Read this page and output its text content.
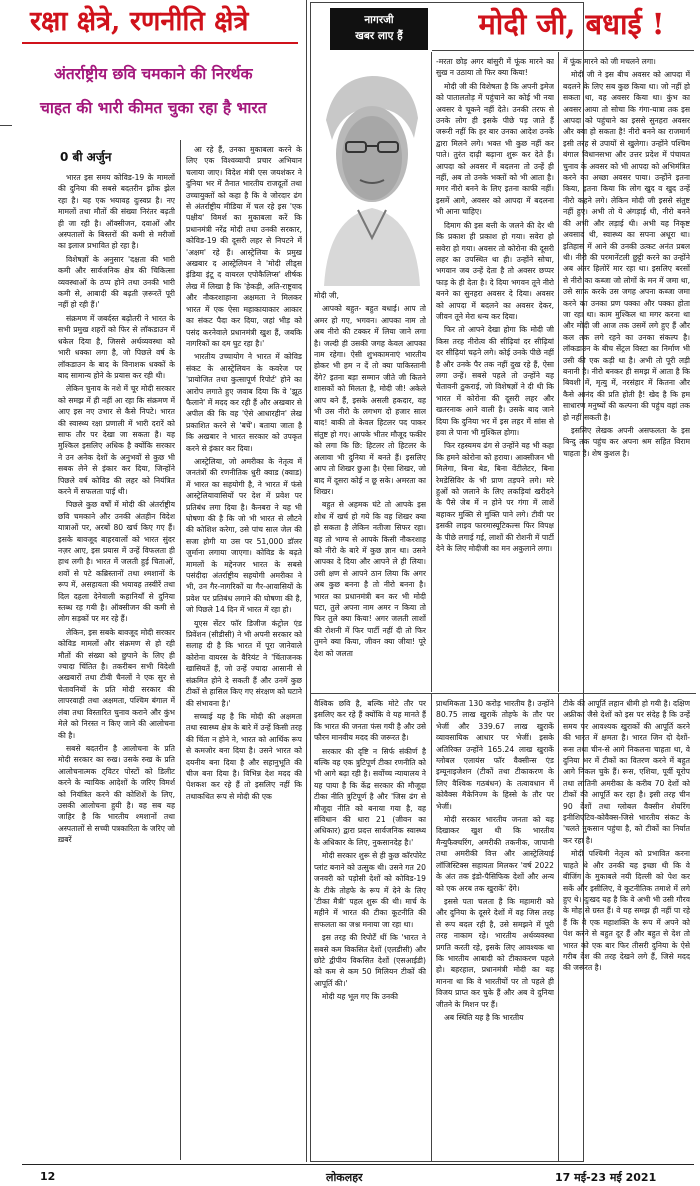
रक्षा क्षेत्रे, रणनीति क्षेत्रे
अंतर्राष्ट्रीय छवि चमकाने की निरर्थक
चाहत की भारी कीमत चुका रहा है भारत
0 बी अर्जुन

भारत इस समय कोविड-19 के मामलों की दुनिया की सबसे बदतरीन झोंक झेल रहा है। यह एक भयावह दुःस्वप्न है। नए मामलों तथा मौतों की संख्या निरंतर बढ़ती ही जा रही है। ऑक्सीजन, दवाओं और अस्पतालों के बिस्तरों की कमी से मरीजों का इलाज प्रभावित हो रहा है।

विशेषज्ञों के अनुसार 'दक्षता की भारी कमी और सार्वजनिक क्षेत्र की चिकित्सा व्यवस्थाओं के ठप्प होने तथा उनकी भारी कमी से, आबादी की बढ़ती ज़रूरतें पूरी नहीं हो रही हैं।'

संक्रमण में जबर्दस्त बढ़ोतरी ने भारत के सभी प्रमुख शहरों को फिर से लॉकडाउन में धकेल दिया है, जिससे अर्थव्यवस्था को भारी धक्का लगा है, जो पिछले वर्ष के लॉकडाउन के बाद के विनाशक धक्कों के बाद सामान्य होने के प्रयास कर रही थी।

लेकिन चुनाव के नशे में चूर मोदी सरकार को समझ में ही नहीं आ रहा कि संक्रमण में आए इस नए उभार से कैसे निपटे। भारत की स्वास्थ्य रक्षा प्रणाली में भारी दरारें को साफ तौर पर देखा जा सकता है। यह मुश्किल इसलिए अधिक है क्योंकि सरकार ने उन अनेक देशों के अनुभवों से कुछ भी सबक लेने से इंकार कर दिया, जिन्होंने पिछले वर्ष कोविड की लहर को नियंत्रित करने में सफलता पाई थी।

पिछले कुछ वर्षों में मोदी की अंतर्राष्ट्रीय छवि चमकाने और उनकी अंतहीन विदेश यात्राओं पर, अरबों 80 खर्च किए गए हैं। इसके बावजूद बाहरवालों को भारत सुंदर नज़र आए, इस प्रयास में उन्हें विफलता ही हाथ लगी है। भारत में जलती हुई चिताओं, शवों से पटे कब्रिस्तानों तथा श्मशानों के रूप में, असहायता की भयावह तस्वीरें तथा दिल दहला देनेवाली कहानियाँ से दुनिया स्तब्ध रह गयी है। ऑक्सीजन की कमी से लोग सड़कों पर मर रहे हैं।

लेकिन, इस सबके बावजूद मोदी सरकार कोविड मामलों और संक्रमण से हो रही मौतों की संख्या को छुपाने के लिए ही ज्यादा चिंतित है। तकरीबन सभी विदेशी अखबारों तथा टीवी चैनलों ने एक सुर से चेतावनियों के प्रति मोदी सरकार की लापरवाही तथा अक्षमता, पश्चिम बंगाल में लंबा तथा विस्तारित चुनाव कराने और कुंभ मेले को निरस्त न किए जाने की आलोचना की है।

सबसे बदतरीन है आलोचना के प्रति मोदी सरकार का रुख। उसके रुख के प्रति आलोचनात्मक ट्विटर पोस्टों को डिलीट करने के न्यायिक आदेशों के जरिए विमर्श को नियंत्रित करने की कोशिशें के लिए, उसकी आलोचना हुयी है। वह सब यह जाहिर है कि भारतीय श्मशानों तथा अस्पतालों से सच्ची पत्रकारिता के जरिए जो ख़बरें

आ रहे हैं, उनका मुकाबला करने के लिए एक विश्वव्यापी प्रचार अभियान चलाया जाए। विदेश मंत्री एस जयशंकर ने दुनिया भर में तैनात भारतीय राजदूतों तथा उच्चायुक्तों को कहा है कि वे जोरदार ढंग से अंतर्राष्ट्रीय मीडिया में चल रहे इस 'एक पक्षीय' विमर्श का मुकाबला करें कि प्रधानमंत्री नरेंद्र मोदी तथा उनकी सरकार, कोविड-19 की दूसरी लहर से निपटने में 'अक्षम' रहे हैं। आस्ट्रेलिया के प्रमुख अखबार द आस्ट्रेलियन ने 'मोदी लीड्स इंडिया इंटू द वायरल एपोकैलिप्स' शीर्षक लेख में लिखा है कि 'हेकड़ी, अति-राष्ट्रवाद और नौकरशाहाना अक्षमता ने मिलकर भारत में एक ऐसा महाकायाकार आकार का संकट पैदा कर दिया, जहां भीड़ को पसंद करनेवाले प्रधानमंत्री खुश हैं, जबकि नागरिकों का दम घुट रहा है।'

भारतीय उच्चायोग ने भारत में कोविड संकट के आस्ट्रेलियन के कवरेज पर 'प्रायोजित तथा कुत्सापूर्ण रिपोर्ट' होने का आरोप लगाते हुए जवाब दिया कि वे 'झूठ फैलाने' में मदद कर रही हैं और अखबार से अपील की कि वह 'ऐसे आधारहीन' लेख प्रकाशित करने से 'बचें'। बताया जाता है कि अखबार ने भारत सरकार को उपकृत करने से इंकार कर दिया।

आस्ट्रेलिया, जो अमरीका के नेतृत्व में जनतंत्रों की रणनीतिक धुरी क्वाड (क्वाड) में भारत का सहयोगी है, ने भारत में फंसे आस्ट्रेलियावासियों पर देश में प्रवेश पर प्रतिबंध लगा दिया है। कैनबरा ने यह भी घोषणा की है कि जो भी भारत से लौटने की कोशिश करेगा, उसे पांच साल जेल की सजा होगी या उस पर 51,000 डॉलर जुर्माना लगाया जाएगा। कोविड के बढ़ते मामलों के मद्देनजर भारत के सबसे पसंदीदा अंतर्राष्ट्रीय सहयोगी अमरीका ने भी, उन गैर-नागरिकों या गैर-आवासियों के प्रवेश पर प्रतिबंध लगाने की घोषणा की है, जो पिछले 14 दिन में भारत में रहा हो।

यूएस सेंटर फॉर डिजीज कंट्रोल एंड प्रिवेंशन (सीडीसी) ने भी अपनी सरकार को सलाह दी है कि भारत में पूरा जानेवाले कोरोना वायरस के वैरियंट ने 'चिंताजनक खासियतें हैं, जो उन्हें ज्यादा आसानी से संक्रमित होने दे सकती हैं और उनमें कुछ टीकों से हासिल किए गए संरक्षण को घटाने की संभावना है।'

सच्चाई यह है कि मोदी की अक्षमता तथा स्वास्थ्य क्षेत्र के बारे में उन्हें किसी तरह की चिंता न होने ने, भारत को आर्थिक रूप से कमजोर बना दिया है। उसने भारत को दयनीय बना दिया है और सहानुभूति की चीज बना दिया है। विभिन्न देश मदद की पेशकश कर रहे हैं तो इसलिए नहीं कि तथाकथित रूप से मोदी की एक

नागरजी
खबर लाए हैं	मोदी जी, बधाई !

मोदी जी,

आपको बहुत- बहुत बधाई। आप तो अमर हो गए, भगवन। आपका नाम तो अब नीरो की टक्कर में लिया जाने लगा है। जल्दी ही उसकी जगह केवल आपका नाम रहेगा। ऐसी शुभकामनाएं भारतीय होकर भी हम न दें तो क्या पाकिस्तानी देंगे? इतना बड़ा सम्मान जीते जी कितने शासकों को मिलता है, मोदी जी! अकेले आप बने हैं, इसके असली हकदार, वह भी उस नीरो के लगभग दो हजार साल बाद! बाकी तो केवल हिटलर पद पाकर संतुष्ट हो गए। आपके भीतर मौजूद फकीर को लगा कि छि: हिटलर तो हिटलर के अलावा भी दुनिया में बनते हैं। इसलिए आप तो शिखर छुआ है। ऐसा शिखर, जो बाद में दूसरा कोई न छू सके। अमरता का शिखर।

बहुत से अहमक घंटे तो आपके इस शोध में खर्च हो गये कि वह शिखर क्या हो सकता है लेकिन नतीजा सिफर रहा। वह तो भाग्य से आपके किसी नौकरशाह को नीरो के बारे में कुछ ज्ञान था। उसने आपका दे दिया और आपने ले ही लिया। उसी क्षण से आपने ठान लिया कि अगर अब कुछ बनना है तो नीरो बनना है। भारत का प्रधानमंत्री बन कर भी मोदी घटा, तुले अपना नाम अमर न किया तो फिर तुले क्या किया! अगर जलती लाशों की रोशनी में फिर पार्टी नहीं दी तो फिर तुमने क्या किया, जीवन क्या जीया! पूरे देश को जलता

-मरता छोड़ अगर बांसुरी में फूंक मारने का सुख न उठाया तो फिर क्या किया!

मोदी जी की विशेषता है कि अपनी इमेज को पातालतोड़ में पहुंचाने का कोई भी नया अवसर वे चूकने नहीं देते। उनकी तरफ से उनके लोग ही इसके पीछे पड़ जाते हैं जरूरी नहीं कि हर बार उनका आदेश उनके द्वारा मिलने लगे। भक्त भी कुछ नहीं कर पाते। तुरंत दाढ़ी बढ़ाना शुरू कर देते हैं। आपदा को अवसर में बदलना तो उन्हें ही नहीं, अब तो उनके भक्तों को भी आता है। मगर नीरो बनने के लिए इतना काफी नहीं। इसमें आगे, अवसर को आपदा में बदलना भी आना चाहिए।

दिमाग की इस बत्ती के जलने की देर थी कि प्रकाश ही प्रकाश हो गया। सवेरा हो सवेरा हो गया। अवसर तो कोरोना की दूसरी लहर का उपस्थित था ही। उन्होंने सोचा, भगवान जब उन्हें देता है तो अवसर छप्पर फाड़ के ही देता है। दे दिया भगवन तूने नीरो बनने का सुनहरा अवसर दे दिया। अवसर को आपदा में बदलने का अवसर देकर, जीवन तूने मेरा धन्य कर दिया।

फिर तो आपने देखा होगा कि मोदी जी किस तरह नीरोत्व की सीढ़ियां दर सीढ़ियां दर सीढ़ियां चढ़ने लगे। कोई उनके पीछे नहीं है और उनके पैर तक नहीं दुख रहे हैं, ऐसा लगा उन्हें। सबसे पहले तो उन्होंने यह चेतावनी ठुकराई, जो विशेषज्ञों ने दी थी कि भारत में कोरोना की दूसरी लहर और खतरनाक आने वाली है। उसके बाद जाने दिया कि दुनिया भर में इस लहर में सांस से हवा ले पाना भी मुश्किल होगा।

फिर रहस्यमय ढंग से उन्होंने यह भी कहा कि हमने कोरोना को हराया। आक्सीजन भी मिलेगा, बिना बेड, बिना वेंटीलेटर, बिना रेमडेसिविर के भी प्राण तड़पने लगे। मरे हुओं को जलाने के लिए लकड़ियां खरीदने के पैसे जेब में न होने पर गंगा में लाशें बहाकर मुक्ति से मुक्ति पाने लगे। टीवी पर इसकी लाइव फारमास्यूटिकल्स फिर विपक्ष के पीछे लगाई गई, लाशों की रोशनी में पार्टी देने के लिए मोदीजी का मन अकुलाने लगा।

में फूंक मारने को जी मचलने लगा।

मोदी जी ने इस बीच अवसर को आपदा में बदलने के लिए सब कुछ किया था। जो नहीं हो सकता था, वह अवसर किया था। कुंभ का अवसर आया तो सोचा कि गंगा-यात्रा तक इस आपदा को पहुंचाने का इससे सुनहरा अवसर और क्या हो सकता है! नीरो बनने का राजमार्ग इसी तरह से उपायों से खुलेगा। उन्होंने पश्चिम बंगाल विधानसभा और उत्तर प्रदेश में पंचायत चुनाव के अवसर को भी आपदा को अभिमंत्रित करने का अच्छा अवसर पाया। उन्होंने इतना किया, इतना किया कि लोग खुद व खुद उन्हें नीरो कहने लगे। लेकिन मोदी जी इससे संतुष्ट नहीं हुए। अभी तो ये अंगड़ाई थी, नीरो बनने की अभी और लड़ाई थी। अभी यह निकृष्ट अवसाद थी, स्वास्थ्य का सपना अधूरा था। इतिहास में आने की उनकी उत्कट अनंत प्रबल थी। नीरो की परमानेंटली छुट्टी करने का उन्होंने अब अंतर हिलोरें मार रहा था। इसलिए बरसों से नीरो का कब्जा जो लोगों के मन में जमा था, उसे साफ करके उस जगह अपना कब्जा जमा करने का उनका प्रण पक्का और पक्का होता जा रहा था। काम मुश्किल था मगर करना था और मोदी जी आज तक उसमें लगे हुए हैं और कल तक लगे रहने का उनका संकल्प है। लॉकडाउन के बीच सेंट्रल विस्टा का निर्माण भी उसी की एक कड़ी था है। अभी तो पूरी लड़ी बनानी है। नीरो बनकर ही समझ में आता है कि बिवशी में, मृत्यु में, नरसंहार में कितना और कैसे आनंद की प्रति होती है! खेद है कि हम साधारण मनुष्यों की कल्पना की पहुंच वहां तक हो नहीं सकती है।

इसलिए लेखक अपनी असफलता के इस बिन्दु तक पहुंच कर अपना श्रम सहित विराम चाहता है। शेष कुशल है।

वैश्विक छवि है, बल्कि मोटे तौर पर इसलिए कर रहे हैं क्योंकि वे यह मानते हैं कि भारत की जनता फंस गयी है और उसे फौरन मानवीय मदद की जरूरत है।

सरकार की दृष्टि न सिर्फ संकीर्ण है बल्कि वह एक त्रुटिपूर्ण टीका रणनीति को भी आगे बढ़ा रही है। सर्वोच्च न्यायालय ने यह पाया है कि केंद्र सरकार की मौजूदा टीका नीति त्रुटिपूर्ण है और 'जिस ढंग से मौजूदा नीति को बनाया गया है, वह संविधान की धारा 21 (जीवन का अधिकार) द्वारा प्रदत्त सार्वजनिक स्वास्थ्य के अधिकार के लिए, नुकसानदेह है।'

मोदी सरकार शुरू से ही कुछ कॉरपोरेट प्लांट बनाने को उत्सुक थी। उसने गत 20 जनवरी को पड़ोसी देशों को कोविड-19 के टीके तोहफे के रूप में देने के लिए 'टीका मैत्री' पहल शुरू की थी। मार्च के महीने में भारत की टीका कूटनीति की सफलता का जश्न मनाया जा रहा था।

इस तरह की रिपोर्टें थीं कि 'भारत ने सबसे कम विकसित देशों (एलडीसी) और छोटे द्वीपीय विकसित देशों (एसआईडी) को कम से कम 50 मिलियन टीकों की आपूर्ति की।'

मोदी यह भूल गए कि उनकी

प्राथमिकता 130 करोड़ भारतीय है। उन्होंने 80.75 लाख खुराकें तोहफे के तौर पर भेजीं और 339.67 लाख खुराकें व्यावसायिक आधार पर भेजीं। इसके अतिरिक्त उन्होंने 165.24 लाख खुराकें ग्लोबल एलायंस फॉर वैक्सीन्स एंड इम्यूनाइजेशन (टीकों तथा टीकाकरण के लिए वैश्विक गठबंधन) के तत्वावधान में कोवैक्स मैकेनिज्म के हिस्से के तौर पर भेजीं।

मोदी सरकार भारतीय जनता को यह दिखाकर खुश थी कि भारतीय मैन्युफैक्चरिंग, अमरीकी तकनीक, जापानी तथा अमरीकी वित्त और आस्ट्रेलियाई लॉजिस्टिक्स सहायता मिलकर 'वर्ष 2022 के अंत तक इंडो-पैसिफिक देशों और अन्य को एक अरब तक खुराकें' देंगे।

इससे पता चलता है कि महामारी को और दुनिया के दूसरे देशों में वह जिस तरह से रूप बदल रही है, उसे समझने में पूरी तरह नाकाम रहे। भारतीय अर्थव्यवस्था प्रगति करती रहे, इसके लिए आवश्यक था कि भारतीय आबादी को टीकाकरण पहले हो। बहरहाल, प्रधानमंत्री मोदी का यह मानना था कि वे भारतीयों पर तो पहले ही विजय प्राप्त कर चुके हैं और अब वे दुनिया जीतने के मिशन पर हैं।

अब स्थिति यह है कि भारतीय

टीके की आपूर्ति लहान धीमी हो गयी है। दक्षिण अफ्रीका जैसे देशों को इस पर संदेह है कि उन्हें समय पर आवश्यक खुराकों की आपूर्ति करने की भारत में क्षमता है। भारत जिन दो देशों-रूस तथा चीन-से आगे निकलना चाहता था, वे दुनिया भर में टीकों का वितरण करने में बहुत आगे निकल चुके हैं। रूस, एशिया, पूर्वी यूरोप तथा लातिनी अमरीका के करीब 70 देशों को टीकों की आपूर्ति कर रहा है। इसी तरह चीन 90 देशों तथा ग्लोबल वैक्सीन शेयरिंग इनीशिएटिव-कोवैक्स-जिसे भारतीय संकट के 'चलते नुकसान पहुंचा है, को टीकों का निर्यात कर रहा है।

मोदी पश्चिमी नेतृत्व को प्रभावित करना चाहते थे और उनकी यह इच्छा थी कि वे बीजिंग के मुकाबले नयी दिल्ली को पेश कर सकें और इसीलिए, वे कूटनीतिक तमाशे में लगे हुए थे। दुःखद यह है कि वे अभी भी उसी गौरव के मोह से ग्रस्त हैं। वे यह समझ ही नहीं पा रहे हैं कि वे एक महाशक्ति के रूप में अपने को पेश करने से बहुत दूर हैं और बहुत से देश तो भारत को एक बार फिर तीसरी दुनिया के ऐसे गरीब देश की तरह देखने लगे हैं, जिसे मदद की जरूरत है।

12	लोकलहर	17 मई-23 मई 2021
